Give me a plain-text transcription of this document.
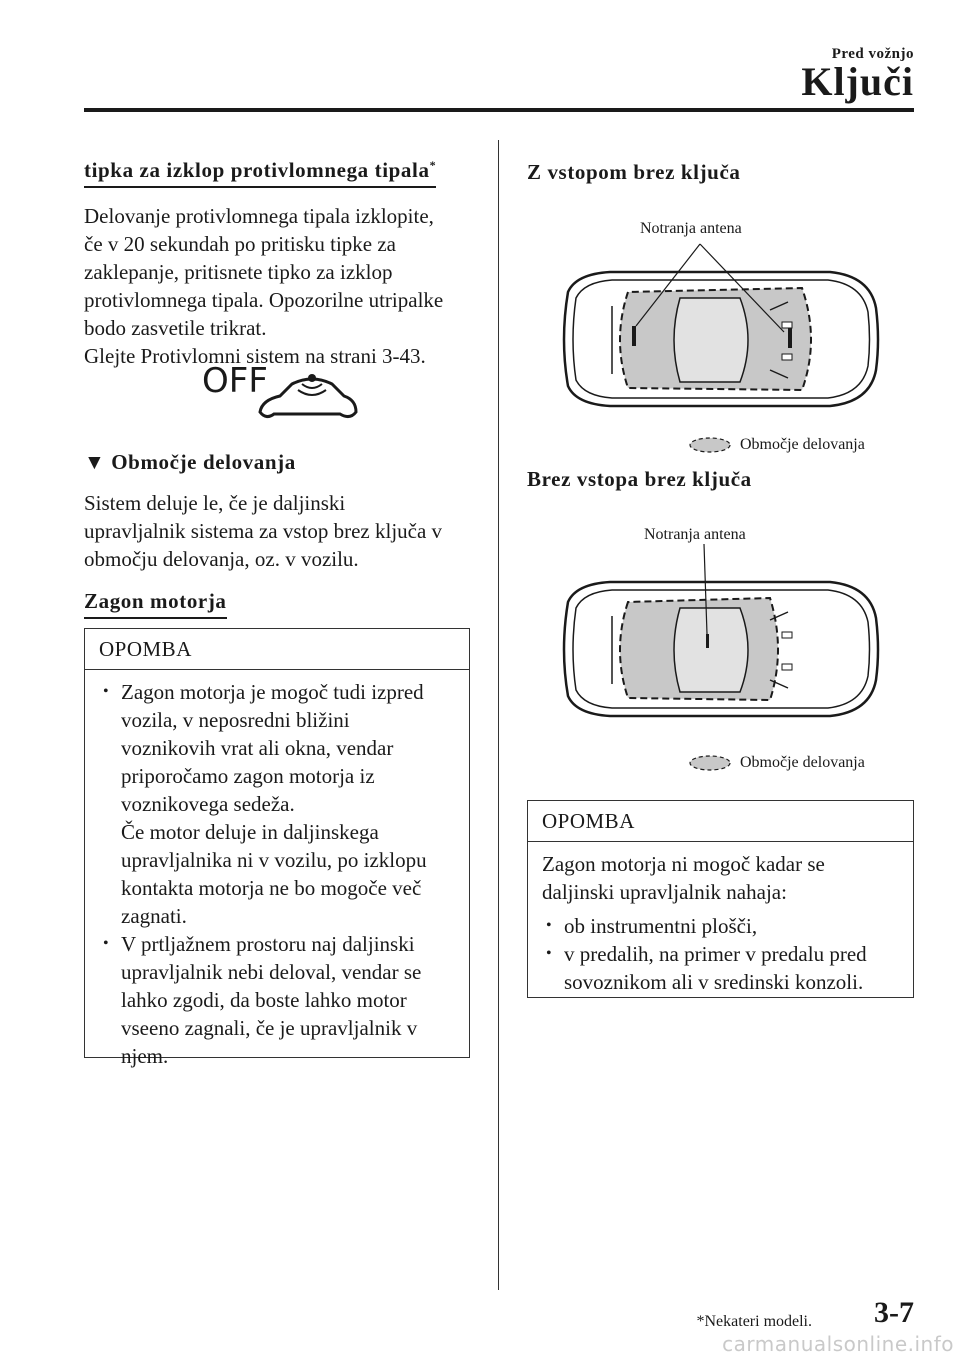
Pred vožnjo
Ključi
tipka za izklop protivlomnega tipala*

Delovanje protivlomnega tipala izklopite,
če v 20 sekundah po pritisku tipke za
zaklepanje, pritisnete tipko za izklop
protivlomnega tipala. Opozorilne utripalke
bodo zasvetile trikrat.

Glejte Protivlomni sistem na strani 3-43.

OFF
▼ Območje delovanja

Sistem deluje le, če je daljinski
upravljalnik sistema za vstop brez ključa v
območju delovanja, oz. v vozilu.

Zagon motorja
OPOMBA
• Zagon motorja je mogoč tudi izpred
vozila, v neposredni bližini
voznikovih vrat ali okna, vendar
priporočamo zagon motorja iz
voznikovega sedeža.
Če motor deluje in daljinskega
upravljalnika ni v vozilu, po izklopu
kontakta motorja ne bo mogoče več
zagnati.
• V prtljažnem prostoru naj daljinski
upravljalnik nebi deloval, vendar se
lahko zgodi, da boste lahko motor
vseeno zagnali, če je upravljalnik v
njem.
Z vstopom brez ključa
Notranja antena
Območje delovanja
Brez vstopa brez ključa
Notranja antena
Območje delovanja
OPOMBA

Zagon motorja ni mogoč kadar se
daljinski upravljalnik nahaja:

• ob instrumentni plošči,
• v predalih, na primer v predalu pred
sovoznikom ali v sredinski konzoli.
*Nekateri modeli. 3-7
carmanualsonline.info
